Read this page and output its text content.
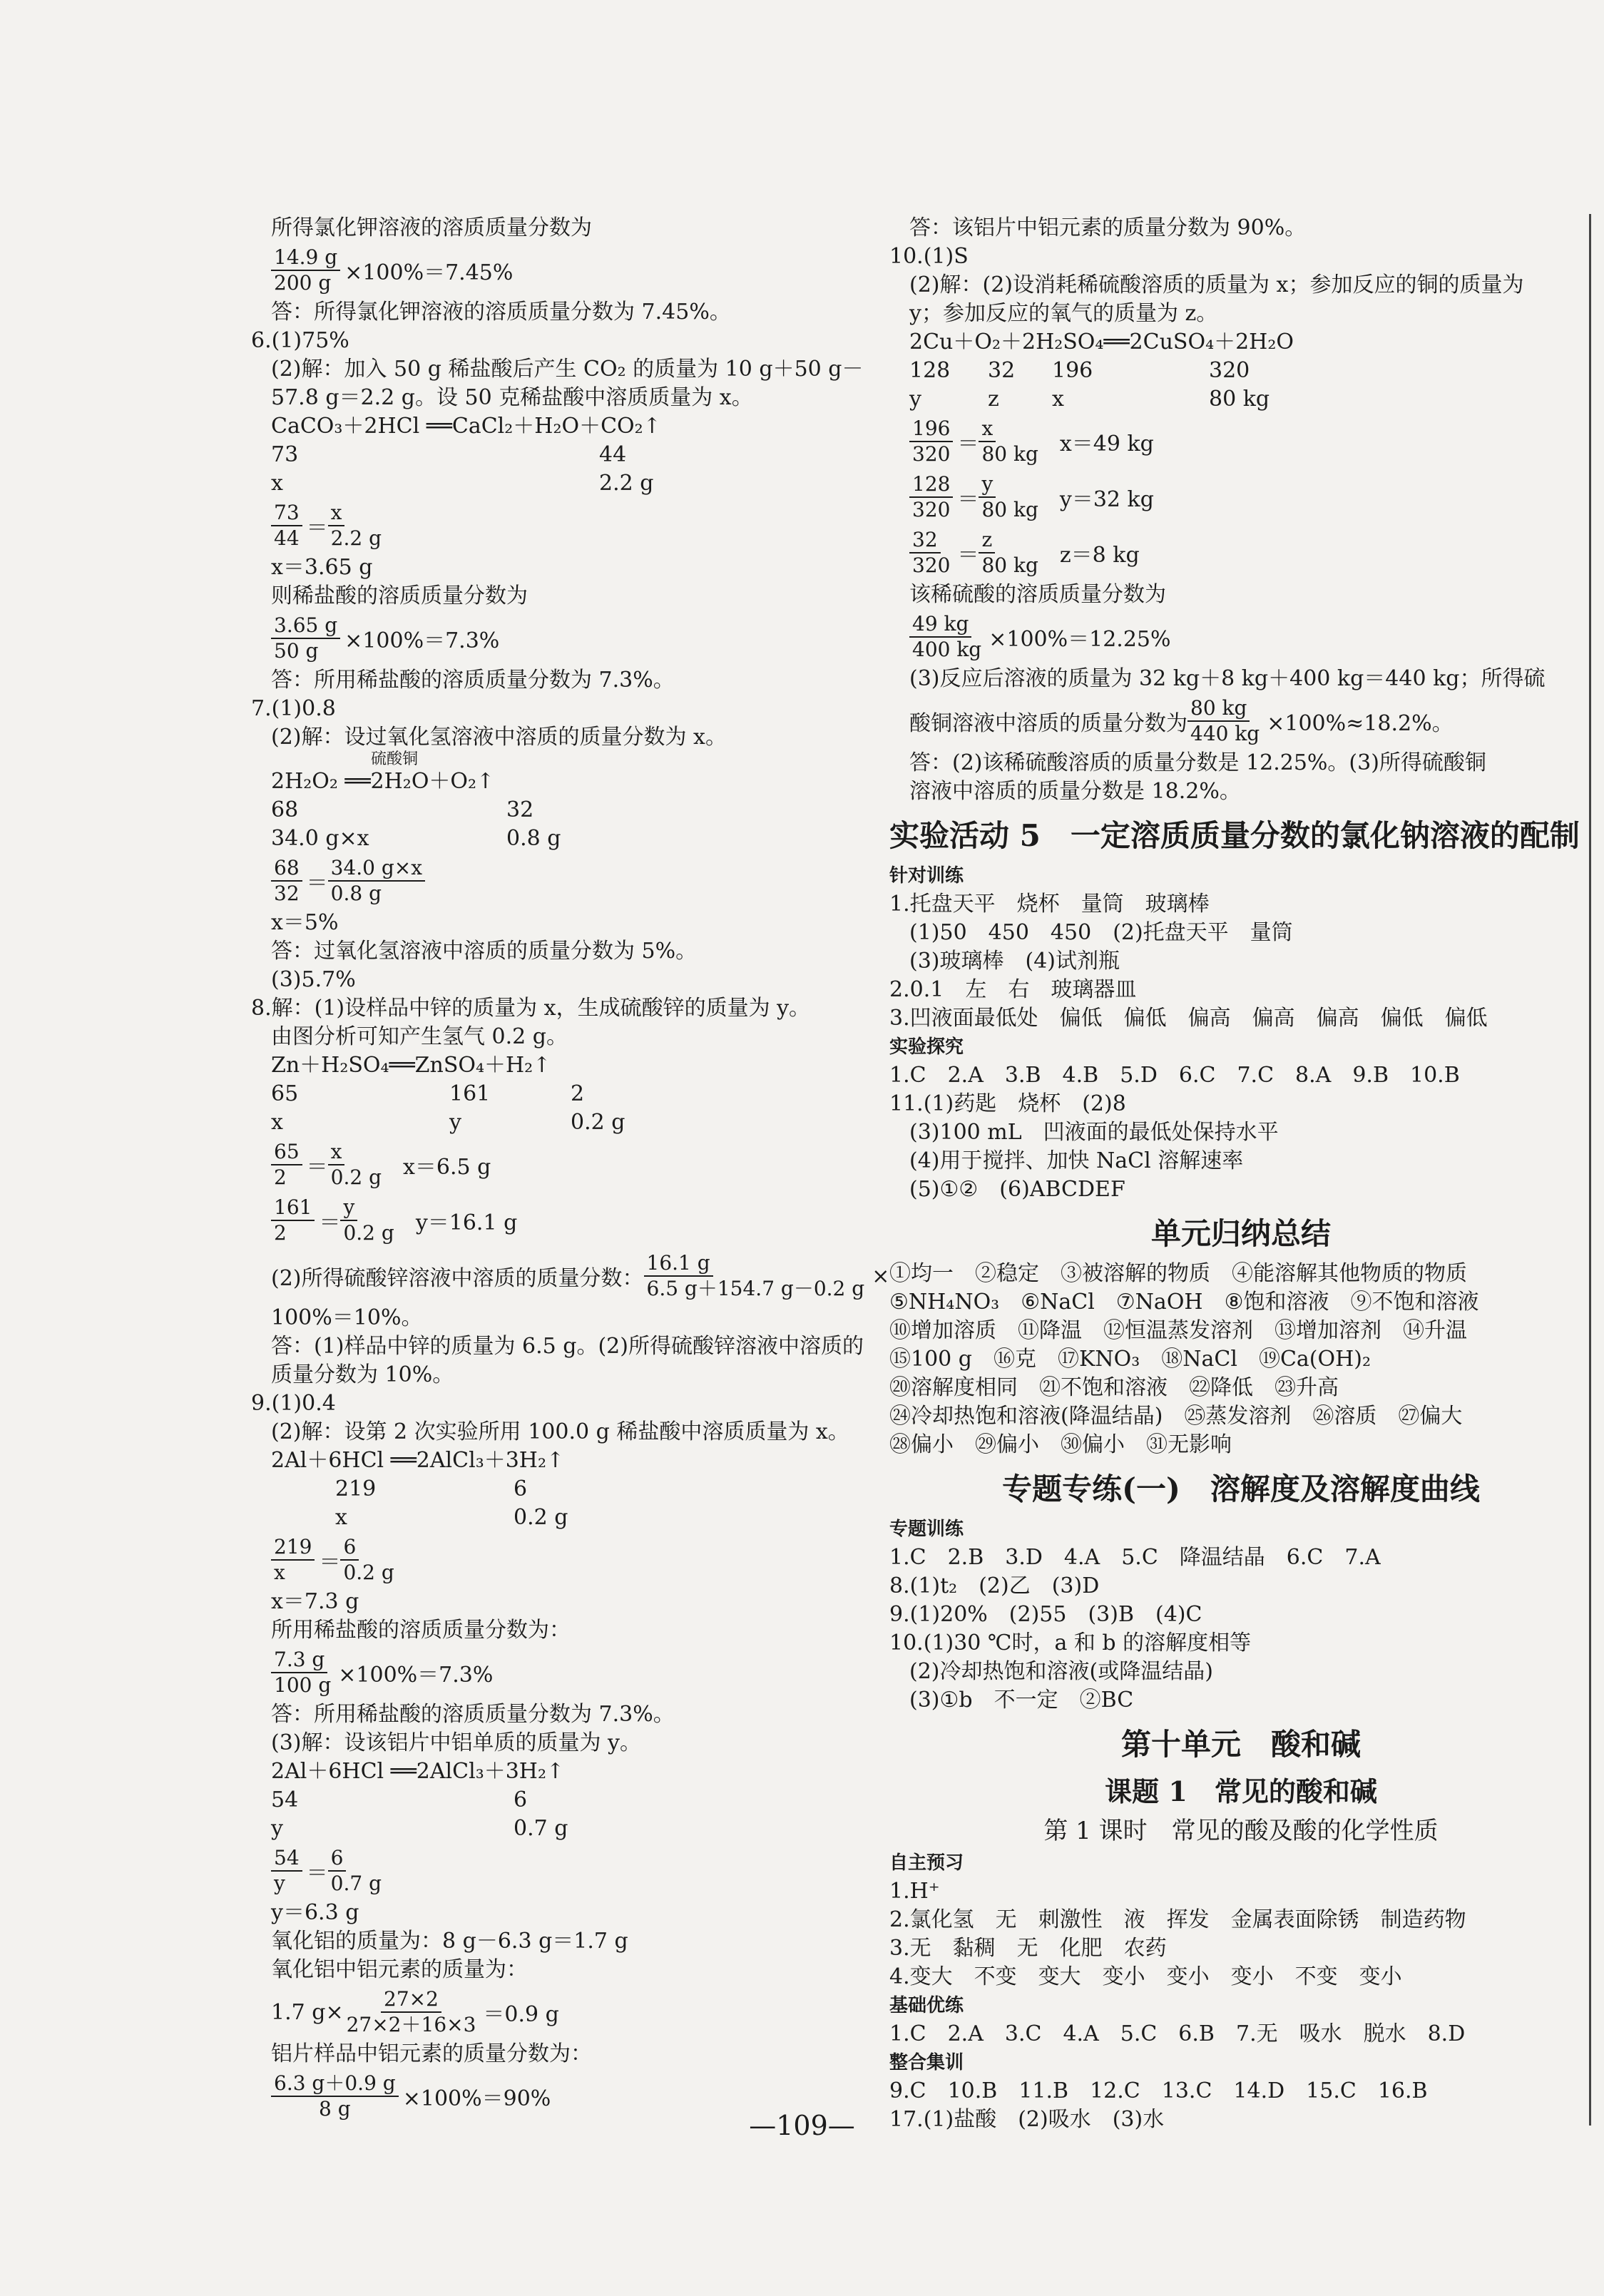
所得氯化钾溶液的溶质质量分数为
$\frac{14.9 g}{200 g} \times 100\%=7.45\%$
答：所得氯化钾溶液的溶质质量分数为 7.45%。
6.(1)75%
(2)解：加入 50 g 稀盐酸后产生 CO₂ 的质量为 10 g＋50 g－
57.8 g＝2.2 g。设 50 克稀盐酸中溶质质量为 x。
CaCO₃＋2HCl ══CaCl₂＋H₂O＋CO₂↑
73	44
x	2.2 g
$\frac{73}{44} = \frac{x}{2.2 g}$
x＝3.65 g
则稀盐酸的溶质质量分数为
$\frac{3.65 g}{50 g} \times 100\%=7.3\%$
答：所用稀盐酸的溶质质量分数为 7.3%。
7.(1)0.8
(2)解：设过氧化氢溶液中溶质的质量分数为 x。
硫酸铜
2H₂O₂ ══2H₂O＋O₂↑
68	32
34.0 g×x	0.8 g
$\frac{68}{32} = \frac{34.0 g\times x}{0.8 g}$
x＝5%
答：过氧化氢溶液中溶质的质量分数为 5%。
(3)5.7%
8.解：(1)设样品中锌的质量为 x，生成硫酸锌的质量为 y。
由图分析可知产生氢气 0.2 g。
Zn＋H₂SO₄══ZnSO₄＋H₂↑
65	161	2
x	y	0.2 g
$\frac{65}{2} = \frac{x}{0.2 g} x=6.5$ g
$\frac{161}{2} = \frac{y}{0.2 g} y=16.1$ g
(2)所得硫酸锌溶液中溶质的质量分数： $\frac{16.1 g}{6.5 g+154.7 g-0.2 g}$ ×
100%＝10%。
答：(1)样品中锌的质量为 6.5 g。(2)所得硫酸锌溶液中溶质的
质量分数为 10%。
9.(1)0.4
(2)解：设第 2 次实验所用 100.0 g 稀盐酸中溶质质量为 x。
2Al＋6HCl ══2AlCl₃＋3H₂↑
219	6
x	0.2 g
$\frac{219}{x} = \frac{6}{0.2 g}$
x＝7.3 g
所用稀盐酸的溶质质量分数为：
$\frac{7.3 g}{100 g} \times 100\%=7.3\%$
答：所用稀盐酸的溶质质量分数为 7.3%。
(3)解：设该铝片中铝单质的质量为 y。
2Al＋6HCl ══2AlCl₃＋3H₂↑
54	6
y	0.7 g
$\frac{54}{y} = \frac{6}{0.7 g}$
y＝6.3 g
氧化铝的质量为：8 g－6.3 g＝1.7 g
氧化铝中铝元素的质量为：
1.7 $g\times \frac{27\times 2}{27\times 2+16\times 3} =0.9$ g
铝片样品中铝元素的质量分数为：
$\frac{6.3 g+0.9 g}{8 g} \times 100\%=90\%$
答：该铝片中铝元素的质量分数为 90%。
10.(1)S
(2)解：(2)设消耗稀硫酸溶质的质量为 x；参加反应的铜的质量为
y；参加反应的氧气的质量为 z。
2Cu＋O₂＋2H₂SO₄══2CuSO₄＋2H₂O
128	32	196	320
y	z	x	80 kg
$\frac{196}{320} = \frac{x}{80 kg} x=49$ kg
$\frac{128}{320} = \frac{y}{80 kg} y=32$ kg
$\frac{32}{320} = \frac{z}{80 kg} z=8$ kg
该稀硫酸的溶质质量分数为
$\frac{49 kg}{400 kg} \times 100\%=12.25\%$
(3)反应后溶液的质量为 32 kg＋8 kg＋400 kg＝440 kg；所得硫
酸铜溶液中溶质的质量分数为 $\frac{80 kg}{440 kg} \times 100\%\approx 18.2\%$。
答：(2)该稀硫酸溶质的质量分数是 12.25%。(3)所得硫酸铜
溶液中溶质的质量分数是 18.2%。
实验活动 5　一定溶质质量分数的氯化钠溶液的配制
针对训练
1.托盘天平　烧杯　量筒　玻璃棒
(1)50　450　450　(2)托盘天平　量筒
(3)玻璃棒　(4)试剂瓶
2.0.1　左　右　玻璃器皿
3.凹液面最低处　偏低　偏低　偏高　偏高　偏高　偏低　偏低
实验探究
1.C　2.A　3.B　4.B　5.D　6.C　7.C　8.A　9.B　10.B
11.(1)药匙　烧杯　(2)8
(3)100 mL　凹液面的最低处保持水平
(4)用于搅拌、加快 NaCl 溶解速率
(5)①②　(6)ABCDEF
单元归纳总结
①均一　②稳定　③被溶解的物质　④能溶解其他物质的物质
⑤NH₄NO₃　⑥NaCl　⑦NaOH　⑧饱和溶液　⑨不饱和溶液
⑩增加溶质　⑪降温　⑫恒温蒸发溶剂　⑬增加溶剂　⑭升温
⑮100 g　⑯克　⑰KNO₃　⑱NaCl　⑲Ca(OH)₂
⑳溶解度相同　㉑不饱和溶液　㉒降低　㉓升高
㉔冷却热饱和溶液(降温结晶)　㉕蒸发溶剂　㉖溶质　㉗偏大
㉘偏小　㉙偏小　㉚偏小　㉛无影响
专题专练(一)　溶解度及溶解度曲线
专题训练
1.C　2.B　3.D　4.A　5.C　降温结晶　6.C　7.A
8.(1)t₂　(2)乙　(3)D
9.(1)20%　(2)55　(3)B　(4)C
10.(1)30 ℃时，a 和 b 的溶解度相等
(2)冷却热饱和溶液(或降温结晶)
(3)①b　不一定　②BC
第十单元　酸和碱
课题 1　常见的酸和碱
第 1 课时　常见的酸及酸的化学性质
自主预习
1.H⁺
2.氯化氢　无　刺激性　液　挥发　金属表面除锈　制造药物
3.无　黏稠　无　化肥　农药
4.变大　不变　变大　变小　变小　变小　不变　变小
基础优练
1.C　2.A　3.C　4.A　5.C　6.B　7.无　吸水　脱水　8.D
整合集训
9.C　10.B　11.B　12.C　13.C　14.D　15.C　16.B
17.(1)盐酸　(2)吸水　(3)水
—109—
